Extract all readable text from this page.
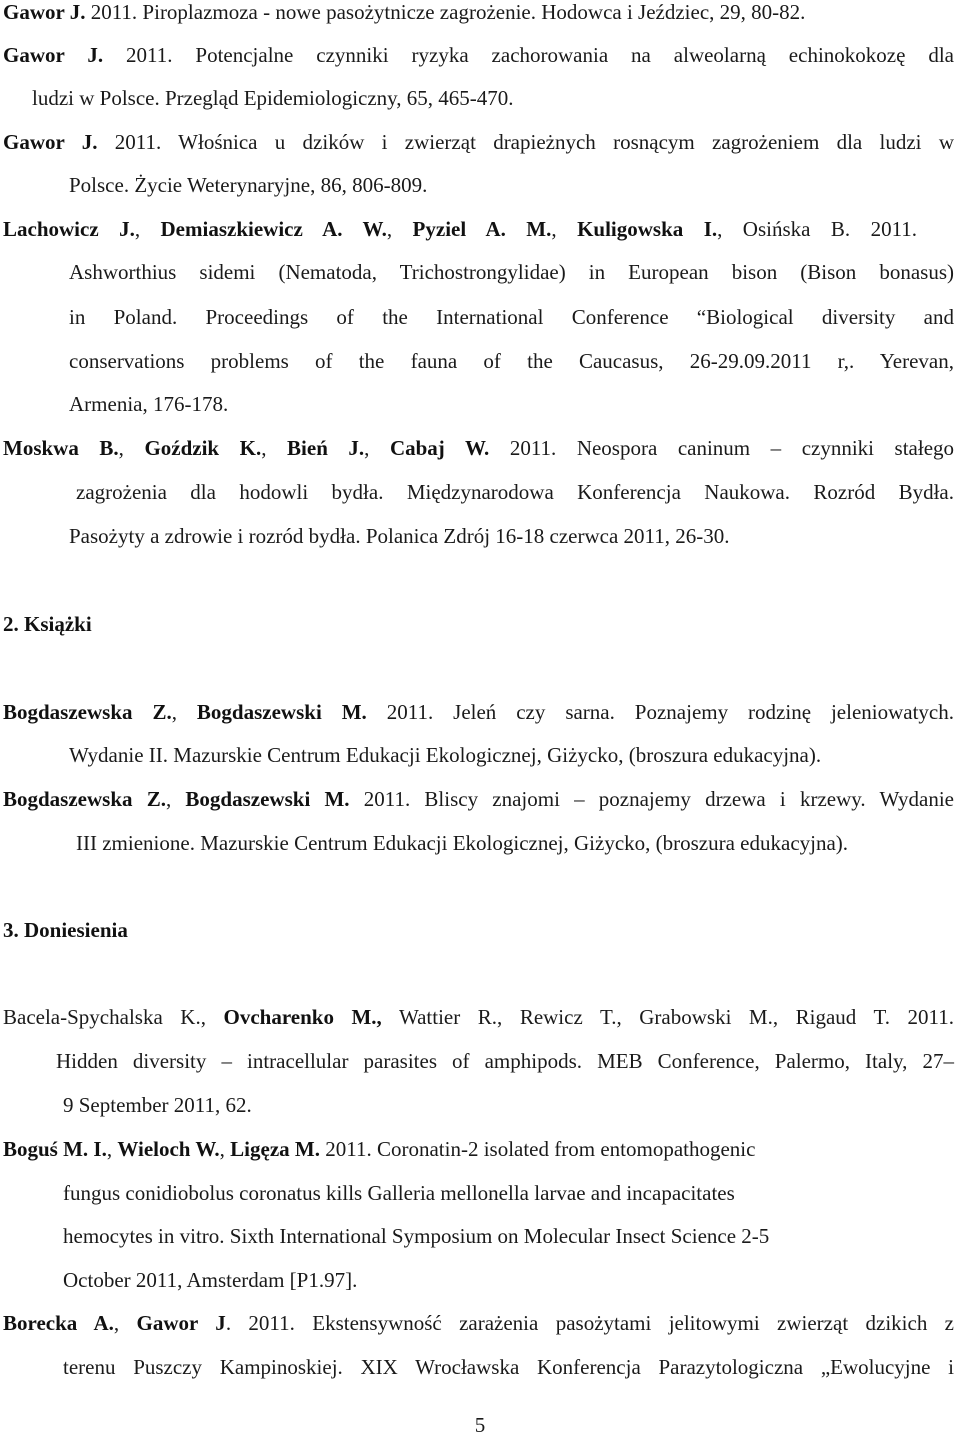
Gawor J. 2011. Piroplazmoza - nowe pasożytnicze zagrożenie. Hodowca i Jeździec, 29, 80-82.
Gawor J. 2011. Potencjalne czynniki ryzyka zachorowania na alweolarną echinokokozę dla
ludzi w Polsce. Przegląd Epidemiologiczny, 65, 465-470.
Gawor J. 2011. Włośnica u dzików i zwierząt drapieżnych rosnącym zagrożeniem dla ludzi w
Polsce. Życie Weterynaryjne, 86, 806-809.
Lachowicz J., Demiaszkiewicz A. W., Pyziel A. M., Kuligowska I., Osińska B. 2011.
Ashworthius sidemi (Nematoda, Trichostrongylidae) in European bison (Bison bonasus)
in Poland. Proceedings of the International Conference “Biological diversity and
conservations problems of the fauna of the Caucasus, 26-29.09.2011 r,. Yerevan,
Armenia, 176-178.
Moskwa B., Goździk K., Bień J., Cabaj W. 2011. Neospora caninum – czynniki stałego
zagrożenia dla hodowli bydła. Międzynarodowa Konferencja Naukowa. Rozród Bydła.
Pasożyty a zdrowie i rozród bydła. Polanica Zdrój 16-18 czerwca 2011, 26-30.
2. Książki
Bogdaszewska Z., Bogdaszewski M. 2011. Jeleń czy sarna. Poznajemy rodzinę jeleniowatych.
Wydanie II. Mazurskie Centrum Edukacji Ekologicznej, Giżycko, (broszura edukacyjna).
Bogdaszewska Z., Bogdaszewski M. 2011. Bliscy znajomi – poznajemy drzewa i krzewy. Wydanie
III zmienione. Mazurskie Centrum Edukacji Ekologicznej, Giżycko, (broszura edukacyjna).
3. Doniesienia
Bacela-Spychalska K., Ovcharenko M., Wattier R., Rewicz T., Grabowski M., Rigaud T. 2011.
Hidden diversity – intracellular parasites of amphipods. MEB Conference, Palermo, Italy, 27–
9 September 2011, 62.
Boguś M. I., Wieloch W., Ligęza M. 2011. Coronatin-2 isolated from entomopathogenic
fungus conidiobolus coronatus kills Galleria mellonella larvae and incapacitates
hemocytes in vitro. Sixth International Symposium on Molecular Insect Science 2-5
October 2011, Amsterdam [P1.97].
Borecka A., Gawor J. 2011. Ekstensywność zarażenia pasożytami jelitowymi zwierząt dzikich z
terenu Puszczy Kampinoskiej. XIX Wrocławska Konferencja Parazytologiczna „Ewolucyjne i
5
